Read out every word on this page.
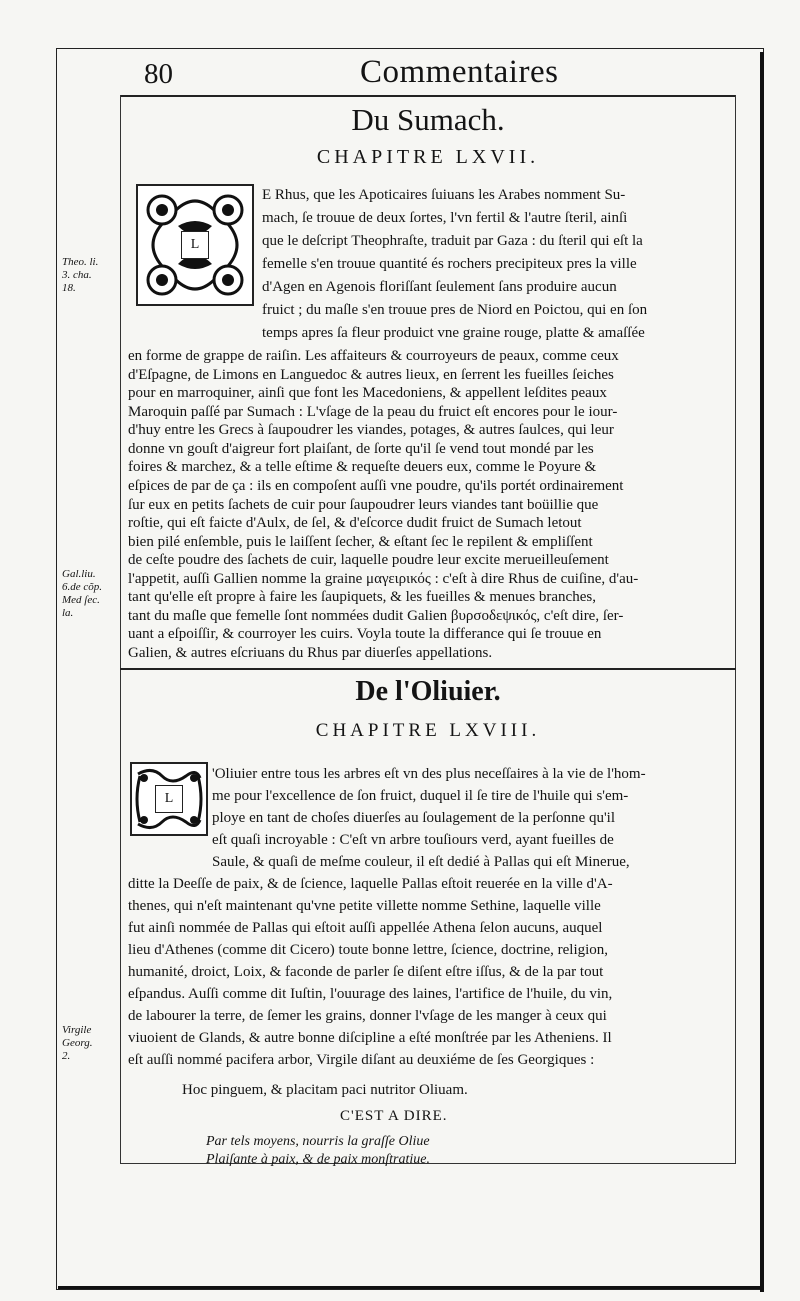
80	Commentaires
Du Sumach.
CHAPITRE LXVII.
L
E Rhus, que les Apoticaires ſuiuans les Arabes nomment Su-
mach, ſe trouue de deux ſortes, l'vn fertil & l'autre ſteril, ainſi
que le deſcript Theophraſte, traduit par Gaza : du ſteril qui eſt la
femelle s'en trouue quantité és rochers precipiteux pres la ville
d'Agen en Agenois floriſſant ſeulement ſans produire aucun
fruict ; du maſle s'en trouue pres de Niord en Poictou, qui en ſon
temps apres ſa fleur produict vne graine rouge, platte & amaſſée
De l'Oliuier.
CHAPITRE LXVIII.
L
'Oliuier entre tous les arbres eſt vn des plus neceſſaires à la vie de l'hom-
me pour l'excellence de ſon fruict, duquel il ſe tire de l'huile qui s'em-
ploye en tant de choſes diuerſes au ſoulagement de la perſonne qu'il
eſt quaſi incroyable : C'eſt vn arbre touſiours verd, ayant fueilles de
Saule, & quaſi de meſme couleur, il eſt dedié à Pallas qui eſt Minerue,
ditte la Deeſſe de paix, & de ſcience, laquelle Pallas eſtoit reuerée en la ville d'A-
thenes, qui n'eſt maintenant qu'vne petite villette nomme Sethine, laquelle ville
fut ainſi nommée de Pallas qui eſtoit auſſi appellée Athena ſelon aucuns, auquel
lieu d'Athenes (comme dit Cicero) toute bonne lettre, ſcience, doctrine, religion,
humanité, droict, Loix, & faconde de parler ſe diſent eſtre iſſus, & de la par tout
eſpandus. Auſſi comme dit Iuſtin, l'ouurage des laines, l'artifice de l'huile, du vin,
de labourer la terre, de ſemer les grains, donner l'vſage de les manger à ceux qui
viuoient de Glands, & autre bonne diſcipline a eſté monſtrée par les Atheniens. Il
eſt auſſi nommé pacifera arbor, Virgile diſant au deuxiéme de ſes Georgiques :
Hoc pinguem, & placitam paci nutritor Oliuam.
C'EST A DIRE.
Par tels moyens, nourris la graſſe Oliue
Plaiſante à paix, & de paix monſtratiue.
Theo. li.
3. cha.
18.
Gal.liu.
6.de cõp.
Med ſec.
la.
Virgile
Georg.
2.
en forme de grappe de raiſin. Les affaiteurs & courroyeurs de peaux, comme ceux
d'Eſpagne, de Limons en Languedoc & autres lieux, en ſerrent les fueilles ſeiches
pour en marroquiner, ainſi que font les Macedoniens, & appellent leſdites peaux
Maroquin paſſé par Sumach : L'vſage de la peau du fruict eſt encores pour le iour-
d'huy entre les Grecs à ſaupoudrer les viandes, potages, & autres ſaulces, qui leur
donne vn gouſt d'aigreur fort plaiſant, de ſorte qu'il ſe vend tout mondé par les
foires & marchez, & a telle eſtime & requeſte deuers eux, comme le Poyure &
eſpices de par de ça : ils en compoſent auſſi vne poudre, qu'ils portét ordinairement
ſur eux en petits ſachets de cuir pour ſaupoudrer leurs viandes tant boüillie que
roſtie, qui eſt faicte d'Aulx, de ſel, & d'eſcorce dudit fruict de Sumach letout
bien pilé enſemble, puis le laiſſent ſecher, & eſtant ſec le repilent & empliſſent
de ceſte poudre des ſachets de cuir, laquelle poudre leur excite merueilleuſement
l'appetit, auſſi Gallien nomme la graine μαγειρικός : c'eſt à dire Rhus de cuiſine, d'au-
tant qu'elle eſt propre à faire les ſaupiquets, & les fueilles & menues branches,
tant du maſle que femelle ſont nommées dudit Galien βυρσοδεψικός, c'eſt dire, ſer-
uant a eſpoiſſir, & courroyer les cuirs. Voyla toute la differance qui ſe trouue en
Galien, & autres eſcriuans du Rhus par diuerſes appellations.
